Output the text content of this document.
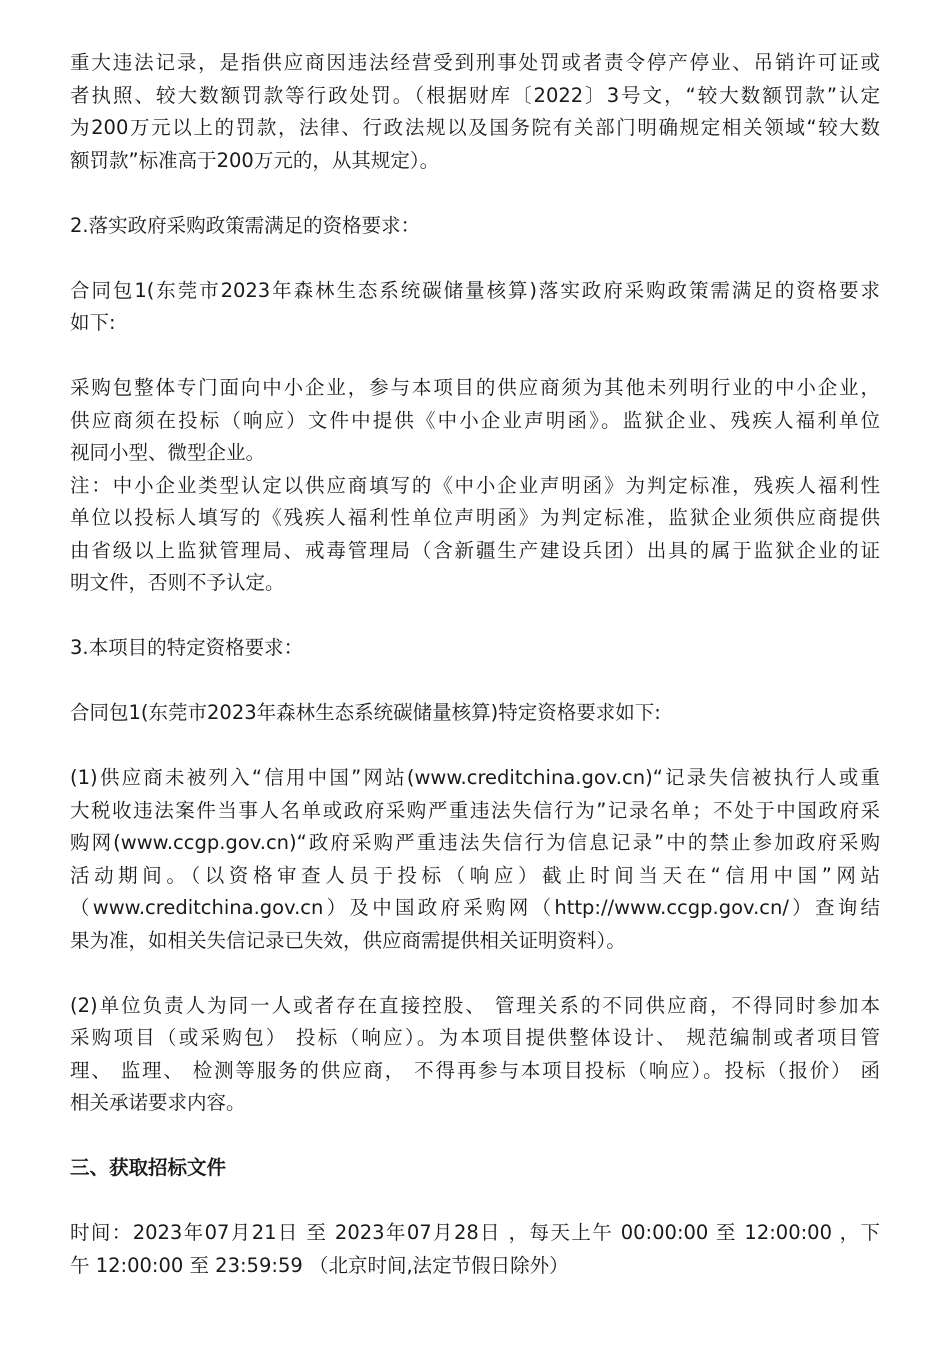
重大违法记录，是指供应商因违法经营受到刑事处罚或者责令停产停业、吊销许可证或
者执照、较大数额罚款等行政处罚。（根据财库〔2022〕3号文，“较大数额罚款”认定
为200万元以上的罚款，法律、行政法规以及国务院有关部门明确规定相关领域“较大数
额罚款”标准高于200万元的，从其规定）。
2.落实政府采购政策需满足的资格要求：
合同包1(东莞市2023年森林生态系统碳储量核算)落实政府采购政策需满足的资格要求
如下:
采购包整体专门面向中小企业，参与本项目的供应商须为其他未列明行业的中小企业，
供应商须在投标（响应）文件中提供《中小企业声明函》。监狱企业、残疾人福利单位
视同小型、微型企业。
注：中小企业类型认定以供应商填写的《中小企业声明函》为判定标准，残疾人福利性
单位以投标人填写的《残疾人福利性单位声明函》为判定标准，监狱企业须供应商提供
由省级以上监狱管理局、戒毒管理局（含新疆生产建设兵团）出具的属于监狱企业的证
明文件，否则不予认定。
3.本项目的特定资格要求：
合同包1(东莞市2023年森林生态系统碳储量核算)特定资格要求如下:
(1)供应商未被列入“信用中国”网站(www.creditchina.gov.cn)“记录失信被执行人或重
大税收违法案件当事人名单或政府采购严重违法失信行为”记录名单；不处于中国政府采
购网(www.ccgp.gov.cn)“政府采购严重违法失信行为信息记录”中的禁止参加政府采购
活动期间。（以资格审查人员于投标（响应）截止时间当天在“信用中国”网站
（www.creditchina.gov.cn）及中国政府采购网（http://www.ccgp.gov.cn/）查询结
果为准，如相关失信记录已失效，供应商需提供相关证明资料）。
(2)单位负责人为同一人或者存在直接控股、 管理关系的不同供应商，不得同时参加本
采购项目（或采购包） 投标（响应）。为本项目提供整体设计、 规范编制或者项目管
理、 监理、 检测等服务的供应商， 不得再参与本项目投标（响应）。投标（报价） 函
相关承诺要求内容。
三、获取招标文件
时间：2023年07月21日 至 2023年07月28日 ，每天上午 00:00:00 至 12:00:00 ，下
午 12:00:00 至 23:59:59 （北京时间,法定节假日除外）
